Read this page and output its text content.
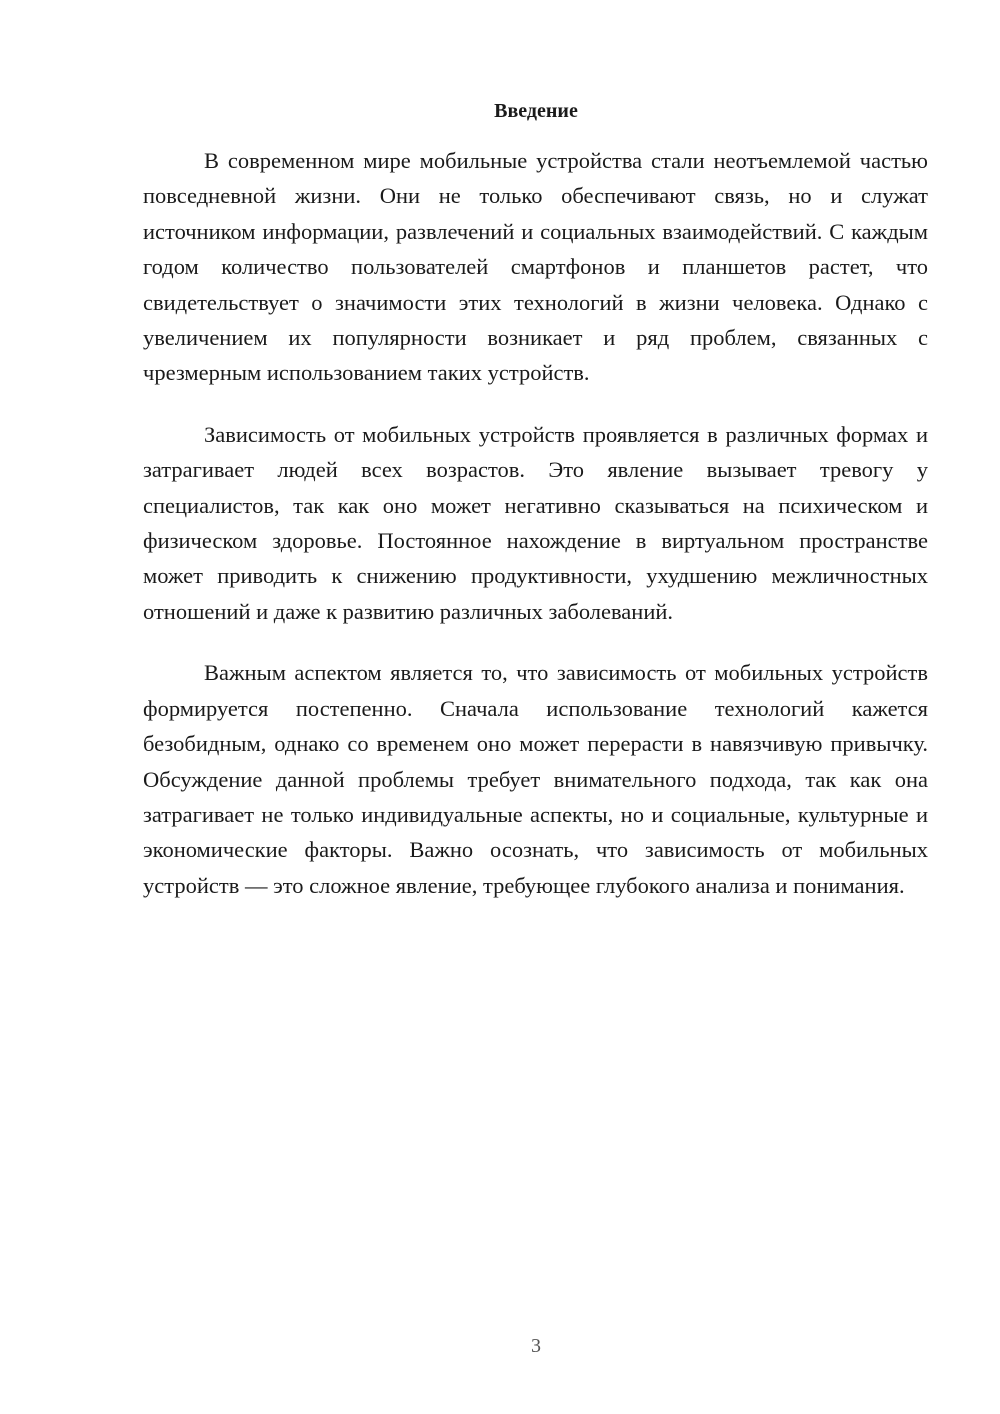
Введение

В современном мире мобильные устройства стали неотъемлемой частью повседневной жизни. Они не только обеспечивают связь, но и служат источником информации, развлечений и социальных взаимодействий. С каждым годом количество пользователей смартфонов и планшетов растет, что свидетельствует о значимости этих технологий в жизни человека. Однако с увеличением их популярности возникает и ряд проблем, связанных с чрезмерным использованием таких устройств.

Зависимость от мобильных устройств проявляется в различных формах и затрагивает людей всех возрастов. Это явление вызывает тревогу у специалистов, так как оно может негативно сказываться на психическом и физическом здоровье. Постоянное нахождение в виртуальном пространстве может приводить к снижению продуктивности, ухудшению межличностных отношений и даже к развитию различных заболеваний.

Важным аспектом является то, что зависимость от мобильных устройств формируется постепенно. Сначала использование технологий кажется безобидным, однако со временем оно может перерасти в навязчивую привычку. Обсуждение данной проблемы требует внимательного подхода, так как она затрагивает не только индивидуальные аспекты, но и социальные, культурные и экономические факторы. Важно осознать, что зависимость от мобильных устройств — это сложное явление, требующее глубокого анализа и понимания.

3
